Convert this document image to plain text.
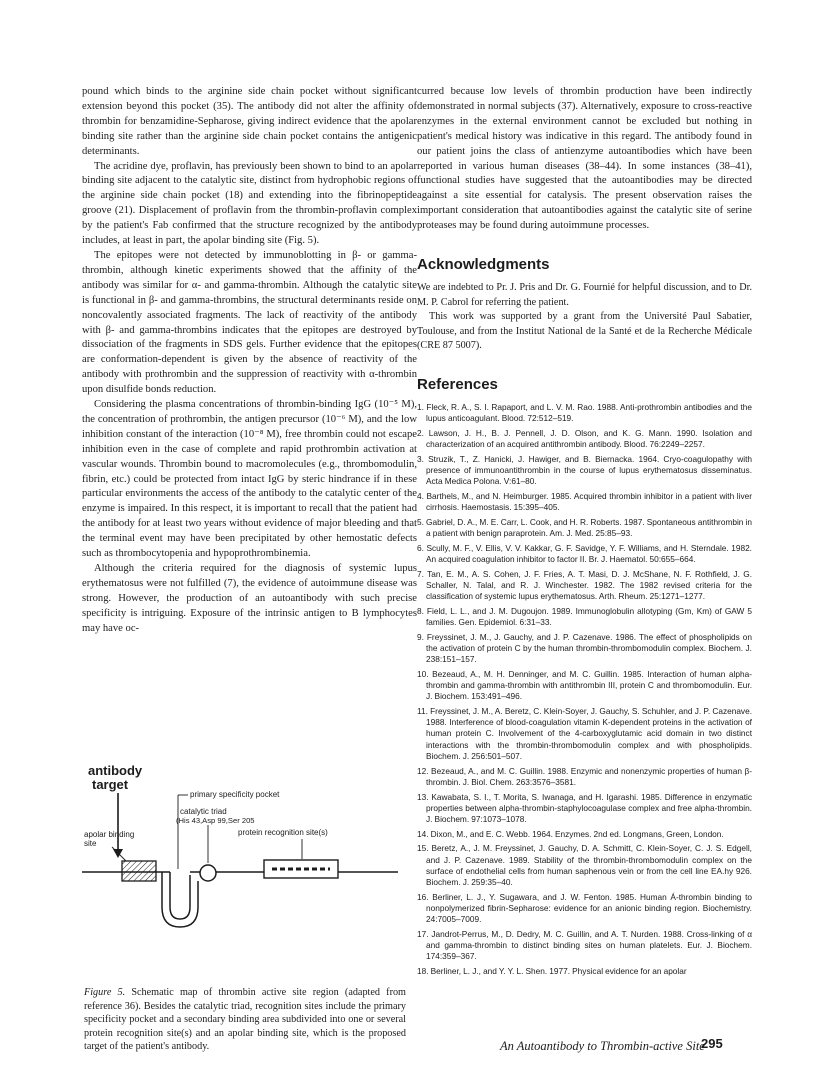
pound which binds to the arginine side chain pocket without significant extension beyond this pocket (35). The antibody did not alter the affinity of thrombin for benzamidine-Sepharose, giving indirect evidence that the apolar binding site rather than the arginine side chain pocket contains the antigenic determinants.

The acridine dye, proflavin, has previously been shown to bind to an apolar binding site adjacent to the catalytic site, distinct from hydrophobic regions of the arginine side chain pocket (18) and extending into the fibrinopeptide groove (21). Displacement of proflavin from the thrombin-proflavin complex by the patient's Fab confirmed that the structure recognized by the antibody includes, at least in part, the apolar binding site (Fig. 5).

The epitopes were not detected by immunoblotting in β- or gamma-thrombin, although kinetic experiments showed that the affinity of the antibody was similar for α- and gamma-thrombin. Although the catalytic site is functional in β- and gamma-thrombins, the structural determinants reside on noncovalently associated fragments. The lack of reactivity of the antibody with β- and gamma-thrombins indicates that the epitopes are destroyed by dissociation of the fragments in SDS gels. Further evidence that the epitopes are conformation-dependent is given by the absence of reactivity of the antibody with prothrombin and the suppression of reactivity with α-thrombin upon disulfide bonds reduction.

Considering the plasma concentrations of thrombin-binding IgG (10⁻⁵ M), the concentration of prothrombin, the antigen precursor (10⁻⁶ M), and the low inhibition constant of the interaction (10⁻⁸ M), free thrombin could not escape inhibition even in the case of complete and rapid prothrombin activation at vascular wounds. Thrombin bound to macromolecules (e.g., thrombomodulin, fibrin, etc.) could be protected from intact IgG by steric hindrance if in these particular environments the access of the antibody to the catalytic center of the enzyme is impaired. In this respect, it is important to recall that the patient had the antibody for at least two years without evidence of major bleeding and that the terminal event may have been precipitated by other hemostatic defects such as thrombocytopenia and hypoprothrombinemia.

Although the criteria required for the diagnosis of systemic lupus erythematosus were not fulfilled (7), the evidence of autoimmune disease was strong. However, the production of an autoantibody with such precise specificity is intriguing. Exposure of the intrinsic antigen to B lymphocytes may have oc-

antibody
target
primary specificity pocket
catalytic triad
(His 43,Asp 99,Ser 205
apolar binding
site
protein recognition site(s)

Figure 5. Schematic map of thrombin active site region (adapted from reference 36). Besides the catalytic triad, recognition sites include the primary specificity pocket and a secondary binding area subdivided into one or several protein recognition site(s) and an apolar binding site, which is the proposed target of the patient's antibody.

curred because low levels of thrombin production have been indirectly demonstrated in normal subjects (37). Alternatively, exposure to cross-reactive enzymes in the external environment cannot be excluded but nothing in patient's medical history was indicative in this regard. The antibody found in our patient joins the class of antienzyme autoantibodies which have been reported in various human diseases (38–44). In some instances (38–41), functional studies have suggested that the autoantibodies may be directed against a site essential for catalysis. The present observation raises the important consideration that autoantibodies against the catalytic site of serine proteases may be found during autoimmune processes.

Acknowledgments

We are indebted to Pr. J. Pris and Dr. G. Fournié for helpful discussion, and to Dr. M. P. Cabrol for referring the patient.

This work was supported by a grant from the Université Paul Sabatier, Toulouse, and from the Institut National de la Santé et de la Recherche Médicale (CRE 87 5007).

References
1. Fleck, R. A., S. I. Rapaport, and L. V. M. Rao. 1988. Anti-prothrombin antibodies and the lupus anticoagulant. Blood. 72:512–519.
2. Lawson, J. H., B. J. Pennell, J. D. Olson, and K. G. Mann. 1990. Isolation and characterization of an acquired antithrombin antibody. Blood. 76:2249–2257.
3. Struzik, T., Z. Hanicki, J. Hawiger, and B. Biernacka. 1964. Cryo-coagulopathy with presence of immunoantithrombin in the course of lupus erythematosus disseminatus. Acta Medica Polona. V:61–80.
4. Barthels, M., and N. Heimburger. 1985. Acquired thrombin inhibitor in a patient with liver cirrhosis. Haemostasis. 15:395–405.
5. Gabriel, D. A., M. E. Carr, L. Cook, and H. R. Roberts. 1987. Spontaneous antithrombin in a patient with benign paraprotein. Am. J. Med. 25:85–93.
6. Scully, M. F., V. Ellis, V. V. Kakkar, G. F. Savidge, Y. F. Williams, and H. Sterndale. 1982. An acquired coagulation inhibitor to factor II. Br. J. Haematol. 50:655–664.
7. Tan, E. M., A. S. Cohen, J. F. Fries, A. T. Masi, D. J. McShane, N. F. Rothfield, J. G. Schaller, N. Talal, and R. J. Winchester. 1982. The 1982 revised criteria for the classification of systemic lupus erythematosus. Arth. Rheum. 25:1271–1277.
8. Field, L. L., and J. M. Dugoujon. 1989. Immunoglobulin allotyping (Gm, Km) of GAW 5 families. Gen. Epidemiol. 6:31–33.
9. Freyssinet, J. M., J. Gauchy, and J. P. Cazenave. 1986. The effect of phospholipids on the activation of protein C by the human thrombin-thrombomodulin complex. Biochem. J. 238:151–157.
10. Bezeaud, A., M. H. Denninger, and M. C. Guillin. 1985. Interaction of human alpha-thrombin and gamma-thrombin with antithrombin III, protein C and thrombomodulin. Eur. J. Biochem. 153:491–496.
11. Freyssinet, J. M., A. Beretz, C. Klein-Soyer, J. Gauchy, S. Schuhler, and J. P. Cazenave. 1988. Interference of blood-coagulation vitamin K-dependent proteins in the activation of human protein C. Involvement of the 4-carboxyglutamic acid domain in two distinct interactions with the thrombin-thrombomodulin complex and with phospholipids. Biochem. J. 256:501–507.
12. Bezeaud, A., and M. C. Guillin. 1988. Enzymic and nonenzymic properties of human β-thrombin. J. Biol. Chem. 263:3576–3581.
13. Kawabata, S. I., T. Morita, S. Iwanaga, and H. Igarashi. 1985. Difference in enzymatic properties between alpha-thrombin-staphylocoagulase complex and free alpha-thrombin. J. Biochem. 97:1073–1078.
14. Dixon, M., and E. C. Webb. 1964. Enzymes. 2nd ed. Longmans, Green, London.
15. Beretz, A., J. M. Freyssinet, J. Gauchy, D. A. Schmitt, C. Klein-Soyer, C. J. S. Edgell, and J. P. Cazenave. 1989. Stability of the thrombin-thrombomodulin complex on the surface of endothelial cells from human saphenous vein or from the cell line EA.hy 926. Biochem. J. 259:35–40.
16. Berliner, L. J., Y. Sugawara, and J. W. Fenton. 1985. Human Á-thrombin binding to nonpolymerized fibrin-Sepharose: evidence for an anionic binding region. Biochemistry. 24:7005–7009.
17. Jandrot-Perrus, M., D. Dedry, M. C. Guillin, and A. T. Nurden. 1988. Cross-linking of α and gamma-thrombin to distinct binding sites on human platelets. Eur. J. Biochem. 174:359–367.
18. Berliner, L. J., and Y. Y. L. Shen. 1977. Physical evidence for an apolar
An Autoantibody to Thrombin-active Site
295
